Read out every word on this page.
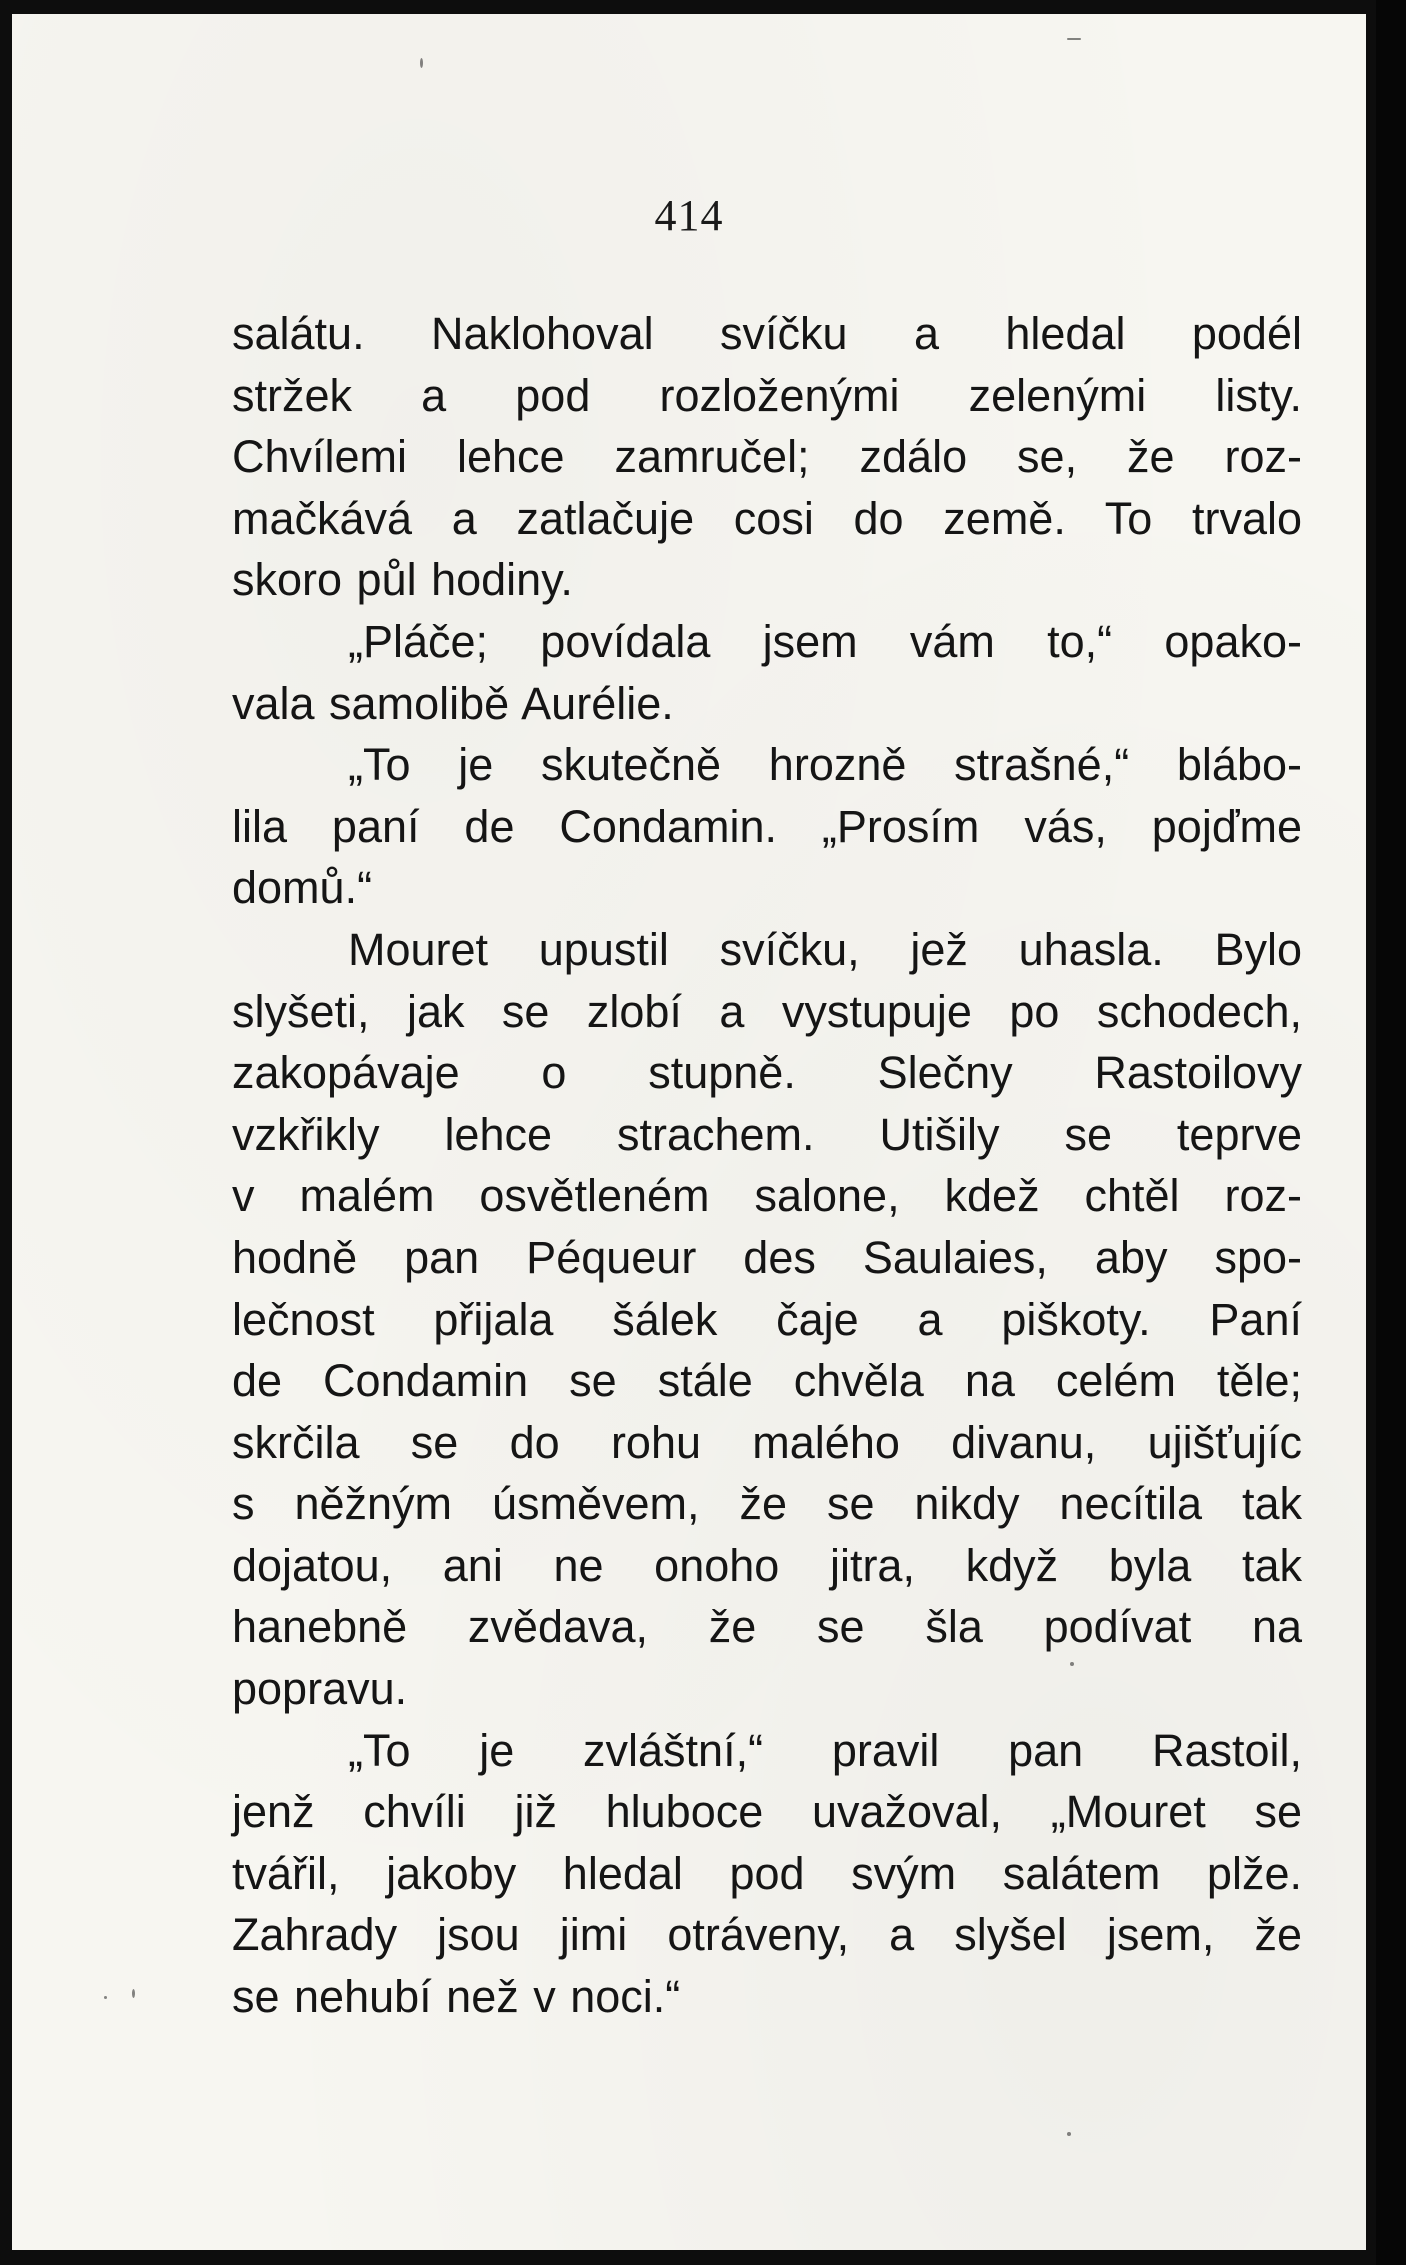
414
salátu. Naklohoval svíčku a hledal podél
stržek a pod rozloženými zelenými listy.
Chvílemi lehce zamručel; zdálo se, že roz-
mačkává a zatlačuje cosi do země. To trvalo
skoro půl hodiny.
„Pláče; povídala jsem vám to,“ opako-
vala samolibě Aurélie.
„To je skutečně hrozně strašné,“ blábo-
lila paní de Condamin. „Prosím vás, pojďme
domů.“
Mouret upustil svíčku, jež uhasla. Bylo
slyšeti, jak se zlobí a vystupuje po schodech,
zakopávaje o stupně. Slečny Rastoilovy
vzkřikly lehce strachem. Utišily se teprve
v malém osvětleném salone, kdež chtěl roz-
hodně pan Péqueur des Saulaies, aby spo-
lečnost přijala šálek čaje a piškoty. Paní
de Condamin se stále chvěla na celém těle;
skrčila se do rohu malého divanu, ujišťujíc
s něžným úsměvem, že se nikdy necítila tak
dojatou, ani ne onoho jitra, když byla tak
hanebně zvědava, že se šla podívat na
popravu.
„To je zvláštní,“ pravil pan Rastoil,
jenž chvíli již hluboce uvažoval, „Mouret se
tvářil, jakoby hledal pod svým salátem plže.
Zahrady jsou jimi otráveny, a slyšel jsem, že
se nehubí než v noci.“
